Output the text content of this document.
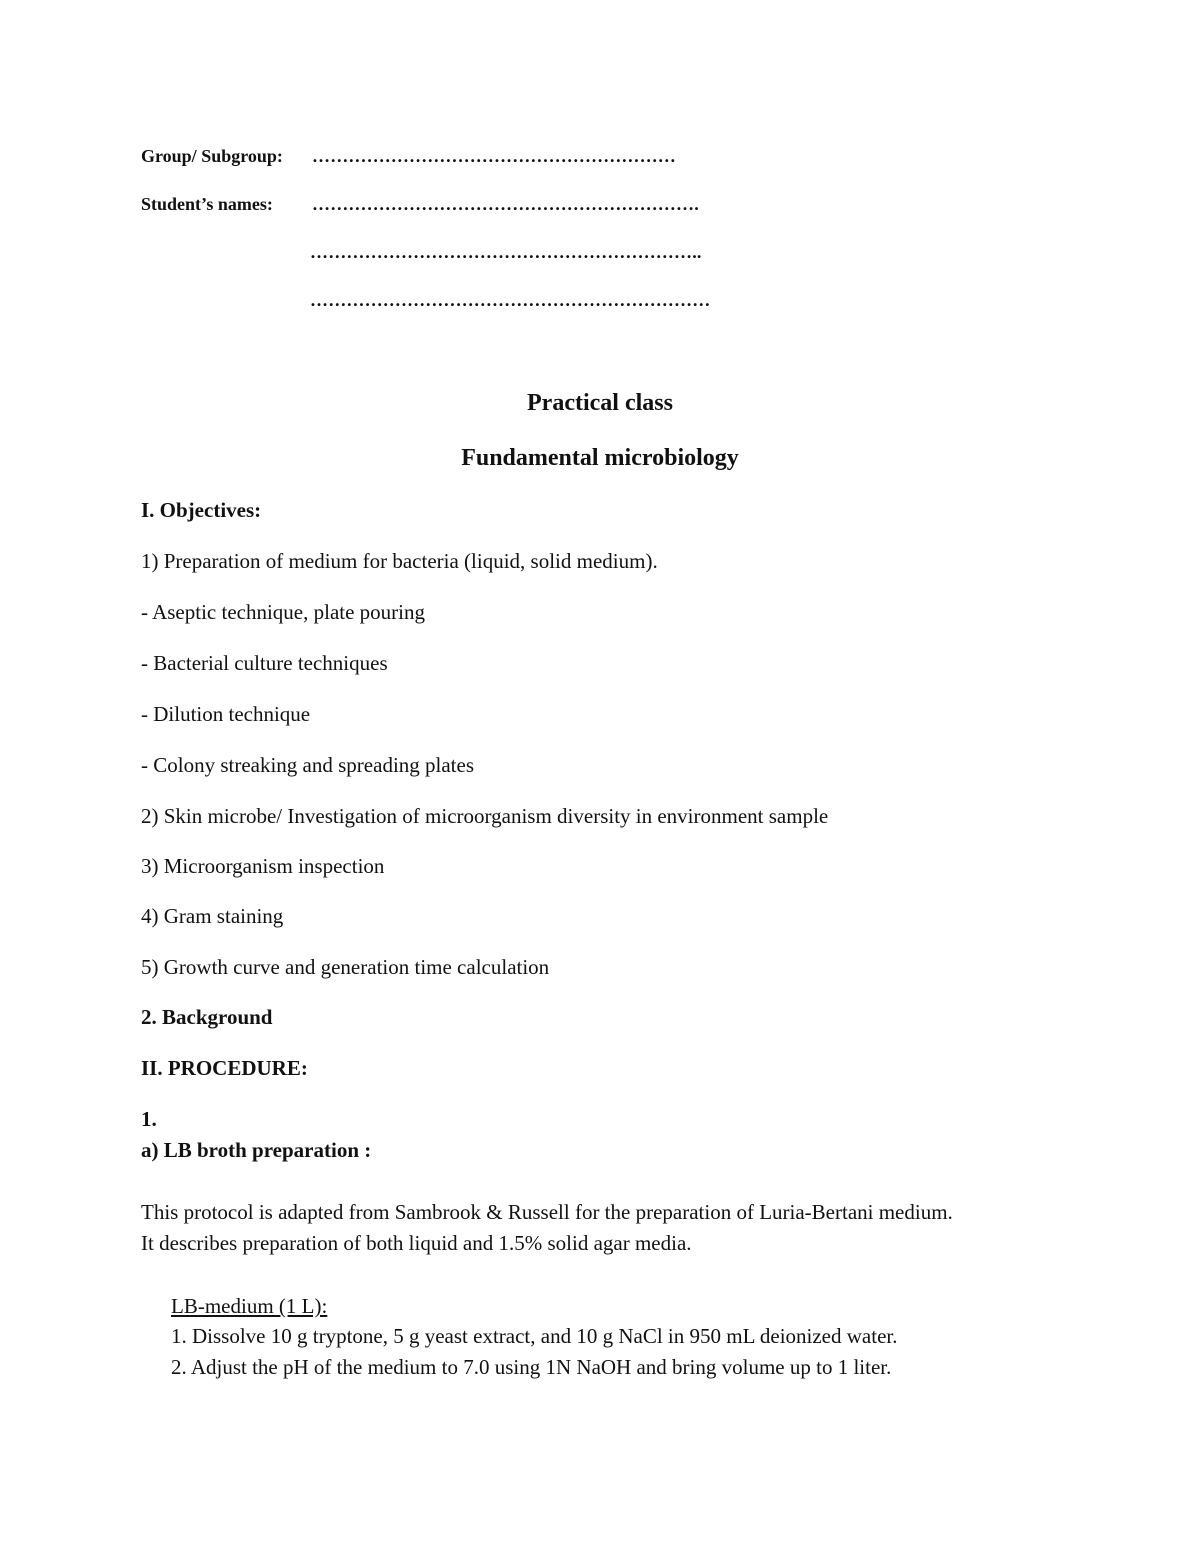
Group/ Subgroup: ……………………………………………………
Student’s names: ……………………………………………………….
………………………………………………………..
…………………………………………………………
Practical class
Fundamental microbiology
I. Objectives:
1) Preparation of medium for bacteria (liquid, solid medium).
- Aseptic technique, plate pouring
- Bacterial culture techniques
- Dilution technique
- Colony streaking and spreading plates
2) Skin microbe/ Investigation of microorganism diversity in environment sample
3) Microorganism inspection
4) Gram staining
5) Growth curve and generation time calculation
2. Background
II. PROCEDURE:
1.
a) LB broth preparation :
This protocol is adapted from Sambrook & Russell for the preparation of Luria-Bertani medium.
It describes preparation of both liquid and 1.5% solid agar media.
LB-medium (1 L):
1. Dissolve 10 g tryptone, 5 g yeast extract, and 10 g NaCl in 950 mL deionized water.
2. Adjust the pH of the medium to 7.0 using 1N NaOH and bring volume up to 1 liter.
